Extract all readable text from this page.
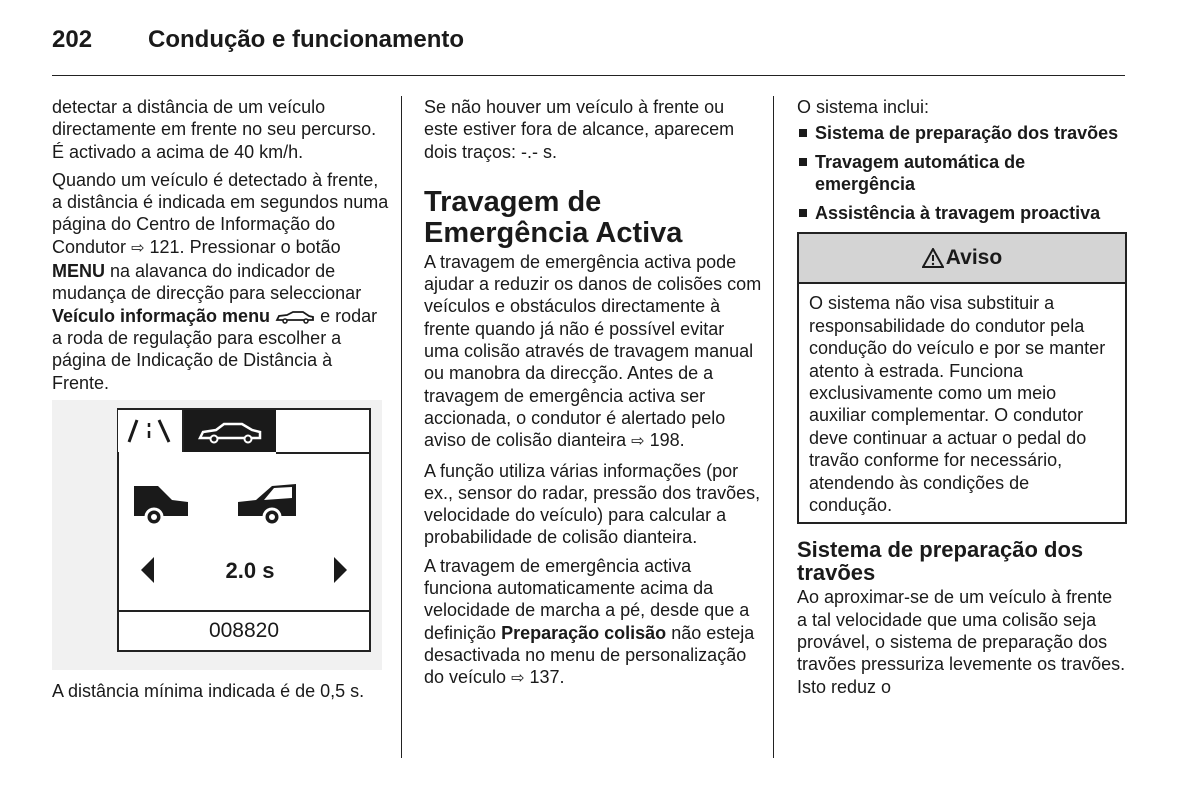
202 Condução e funcionamento

detectar a distância de um veículo directamente em frente no seu percurso. É activado a acima de 40 km/h.

Quando um veículo é detectado à frente, a distância é indicada em segundos numa página do Centro de Informação do Condutor ⇨ 121. Pressionar o botão MENU na alavanca do indicador de mudança de direcção para seleccionar Veículo informação menu	e rodar a roda de regulação para escolher a página de Indicação de Distância à Frente.

2.0 s
008820

A distância mínima indicada é de 0,5 s.

Se não houver um veículo à frente ou este estiver fora de alcance, aparecem dois traços: -.- s.

Travagem de Emergência Activa

A travagem de emergência activa pode ajudar a reduzir os danos de colisões com veículos e obstáculos directamente à frente quando já não é possível evitar uma colisão através de travagem manual ou manobra da direcção. Antes de a travagem de emergência activa ser accionada, o condutor é alertado pelo aviso de colisão dianteira ⇨ 198.

A função utiliza várias informações (por ex., sensor do radar, pressão dos travões, velocidade do veículo) para calcular a probabilidade de colisão dianteira.

A travagem de emergência activa funciona automaticamente acima da velocidade de marcha a pé, desde que a definição Preparação colisão não esteja desactivada no menu de personalização do veículo ⇨ 137.

O sistema inclui:

Sistema de preparação dos travões
Travagem automática de emergência
Assistência à travagem proactiva
Aviso
O sistema não visa substituir a responsabilidade do condutor pela condução do veículo e por se manter atento à estrada. Funciona exclusivamente como um meio auxiliar complementar. O condutor deve continuar a actuar o pedal do travão conforme for necessário, atendendo às condições de condução.
Sistema de preparação dos travões

Ao aproximar-se de um veículo à frente a tal velocidade que uma colisão seja provável, o sistema de preparação dos travões pressuriza levemente os travões. Isto reduz o
